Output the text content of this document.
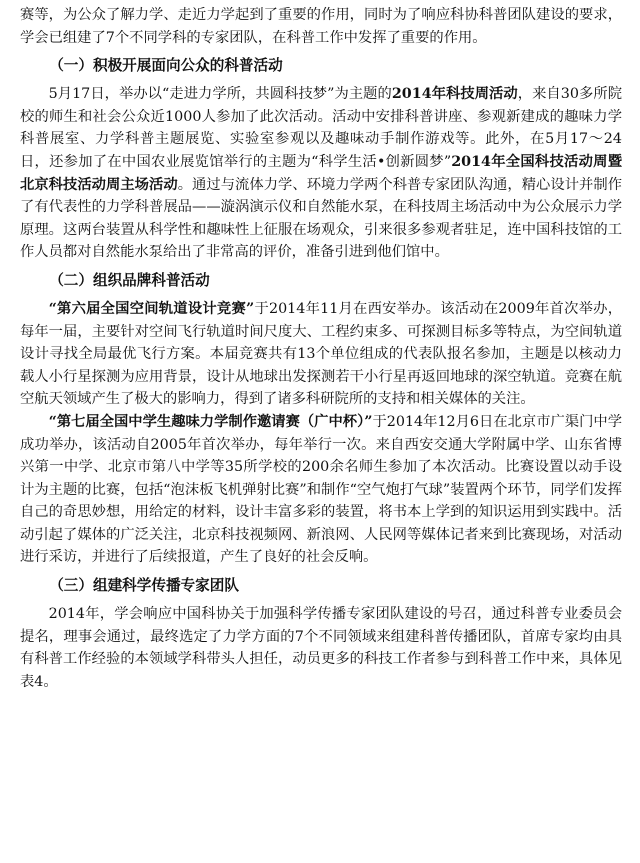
赛等，为公众了解力学、走近力学起到了重要的作用，同时为了响应科协科普团队建设的要求，学会已组建了7个不同学科的专家团队，在科普工作中发挥了重要的作用。

（一）积极开展面向公众的科普活动

5月17日，举办以“走进力学所，共圆科技梦”为主题的2014年科技周活动，来自30多所院校的师生和社会公众近1000人参加了此次活动。活动中安排科普讲座、参观新建成的趣味力学科普展室、力学科普主题展览、实验室参观以及趣味动手制作游戏等。此外，在5月17～24日，还参加了在中国农业展览馆举行的主题为“科学生活•创新圆梦”2014年全国科技活动周暨北京科技活动周主场活动。通过与流体力学、环境力学两个科普专家团队沟通，精心设计并制作了有代表性的力学科普展品——漩涡演示仪和自然能水泵，在科技周主场活动中为公众展示力学原理。这两台装置从科学性和趣味性上征服在场观众，引来很多参观者驻足，连中国科技馆的工作人员都对自然能水泵给出了非常高的评价，准备引进到他们馆中。

（二）组织品牌科普活动

“第六届全国空间轨道设计竞赛”于2014年11月在西安举办。该活动在2009年首次举办，每年一届，主要针对空间飞行轨道时间尺度大、工程约束多、可探测目标多等特点，为空间轨道设计寻找全局最优飞行方案。本届竞赛共有13个单位组成的代表队报名参加，主题是以核动力载人小行星探测为应用背景，设计从地球出发探测若干小行星再返回地球的深空轨道。竞赛在航空航天领域产生了极大的影响力，得到了诸多科研院所的支持和相关媒体的关注。

“第七届全国中学生趣味力学制作邀请赛（广中杯）”于2014年12月6日在北京市广渠门中学成功举办，该活动自2005年首次举办，每年举行一次。来自西安交通大学附属中学、山东省博兴第一中学、北京市第八中学等35所学校的200余名师生参加了本次活动。比赛设置以动手设计为主题的比赛，包括“泡沫板飞机弹射比赛”和制作“空气炮打气球”装置两个环节，同学们发挥自己的奇思妙想，用给定的材料，设计丰富多彩的装置，将书本上学到的知识运用到实践中。活动引起了媒体的广泛关注，北京科技视频网、新浪网、人民网等媒体记者来到比赛现场，对活动进行采访，并进行了后续报道，产生了良好的社会反响。

（三）组建科学传播专家团队

2014年，学会响应中国科协关于加强科学传播专家团队建设的号召，通过科普专业委员会提名，理事会通过，最终选定了力学方面的7个不同领域来组建科普传播团队，首席专家均由具有科普工作经验的本领域学科带头人担任，动员更多的科技工作者参与到科普工作中来，具体见表4。
